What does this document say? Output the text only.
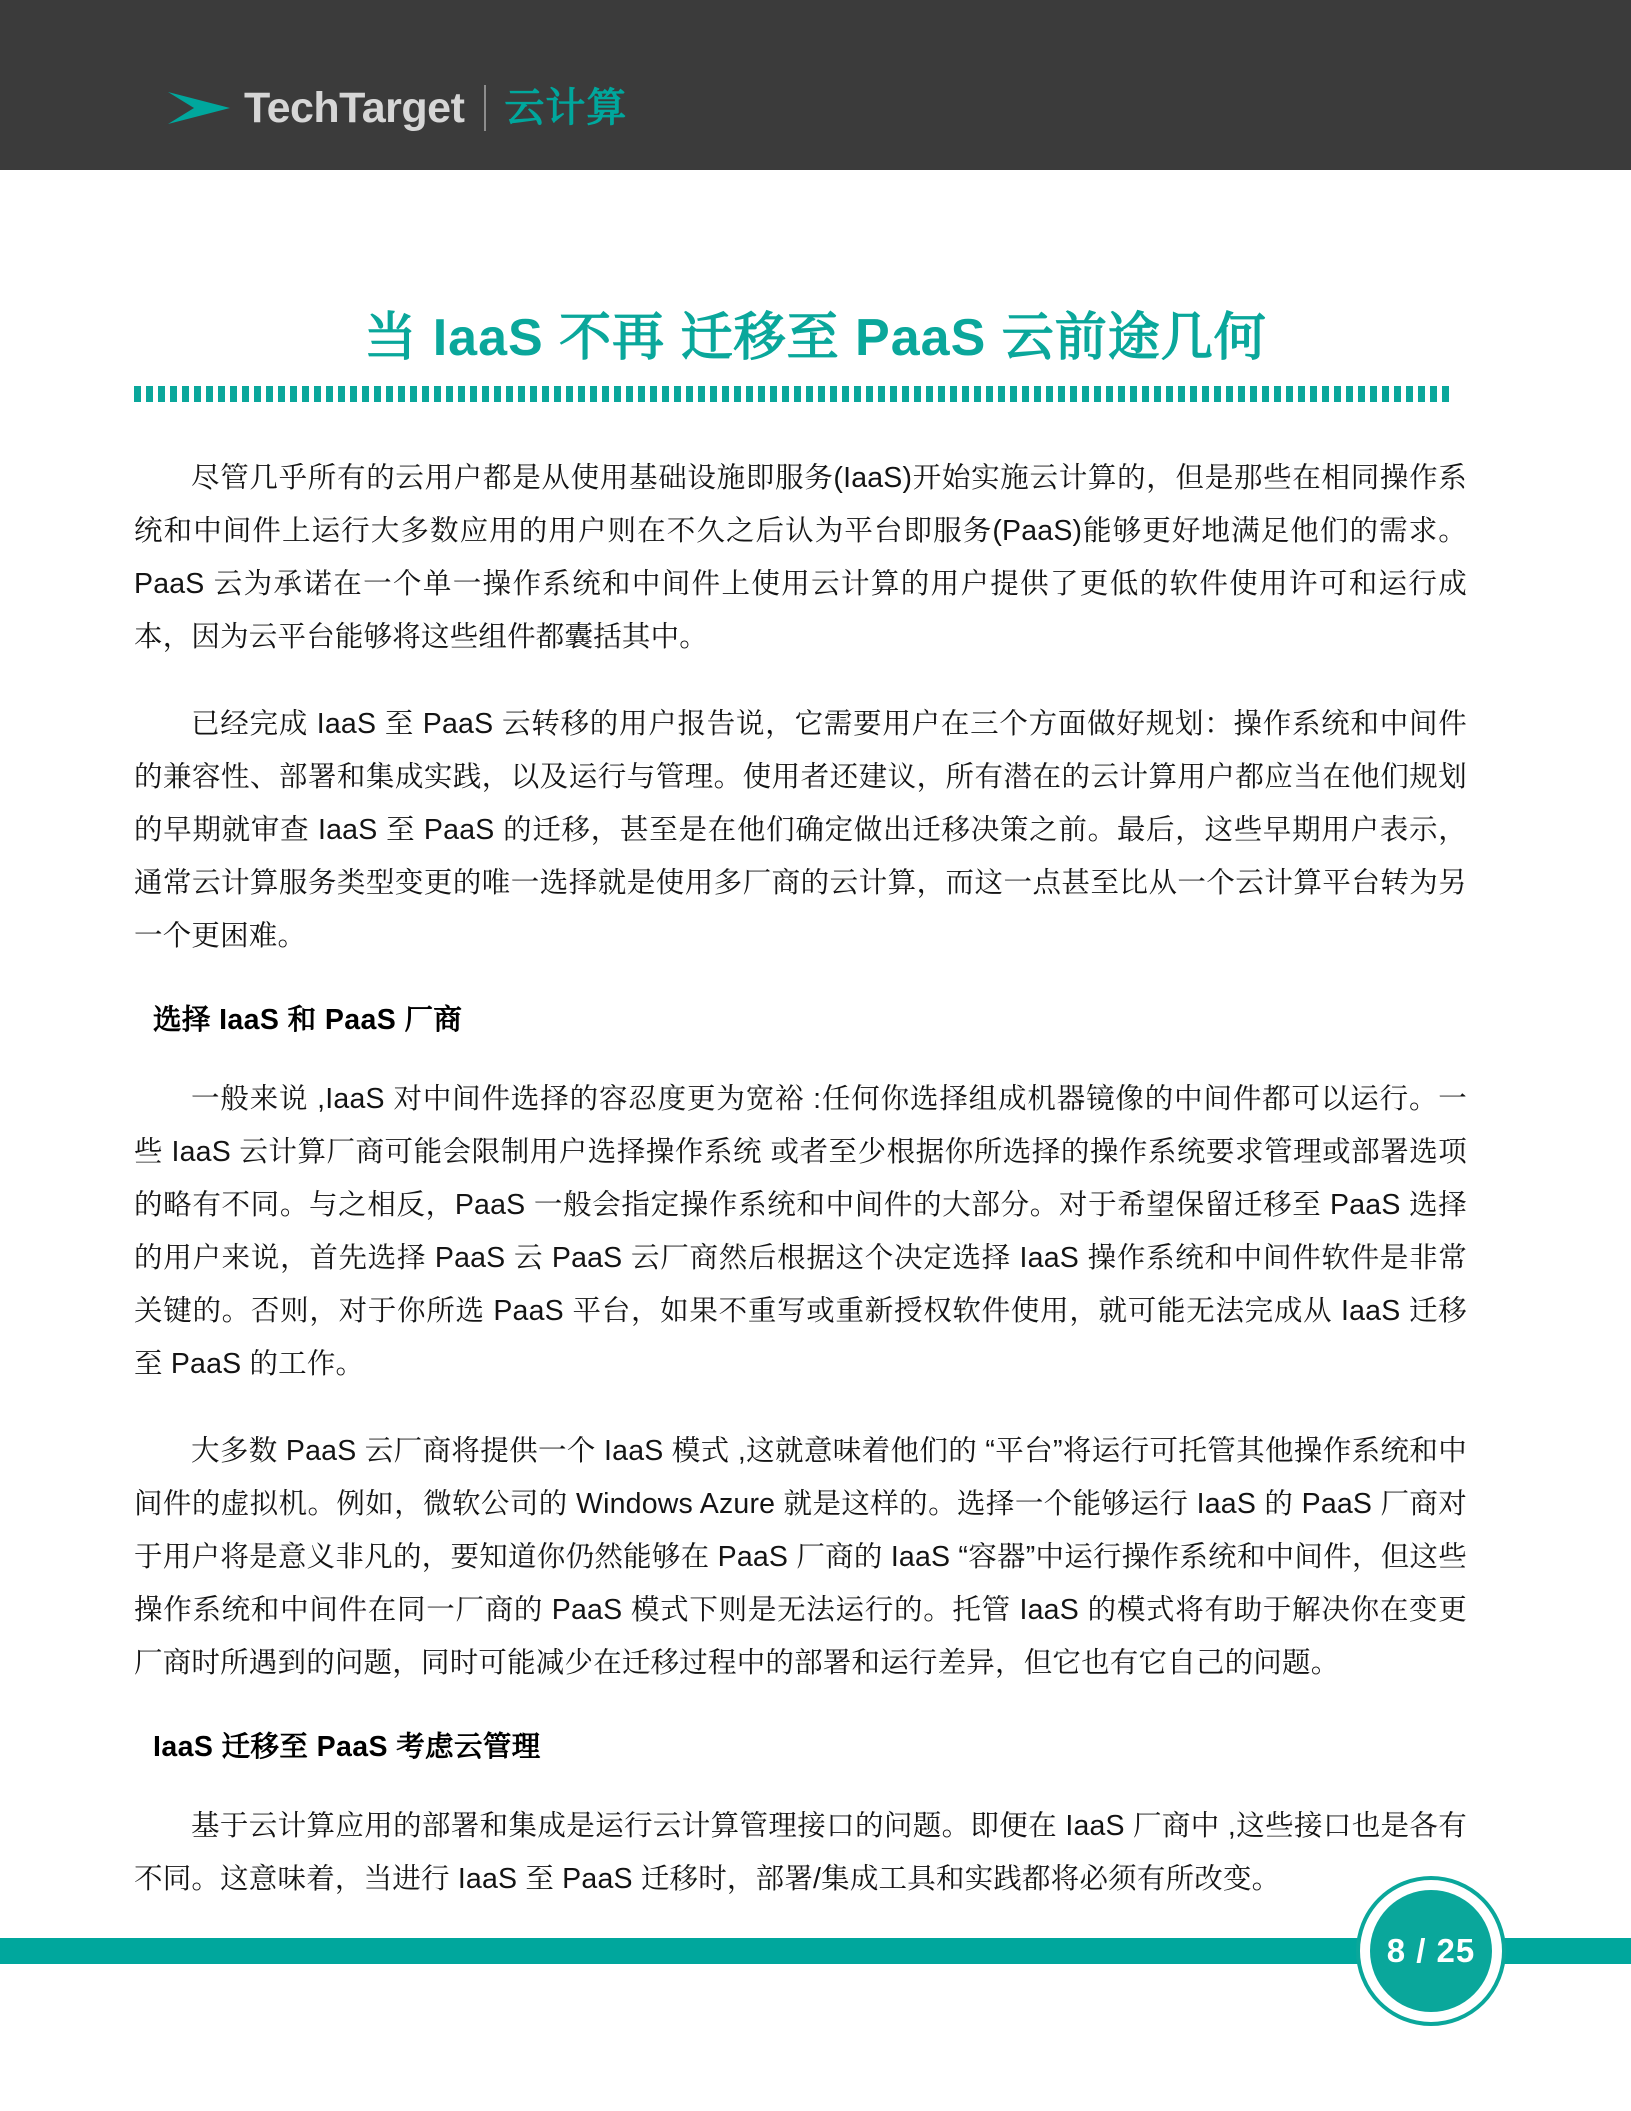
TechTarget 云计算
当 IaaS 不再 迁移至 PaaS 云前途几何

尽管几乎所有的云用户都是从使用基础设施即服务(IaaS)开始实施云计算的，但是那些在相同操作系统和中间件上运行大多数应用的用户则在不久之后认为平台即服务(PaaS)能够更好地满足他们的需求。PaaS 云为承诺在一个单一操作系统和中间件上使用云计算的用户提供了更低的软件使用许可和运行成本，因为云平台能够将这些组件都囊括其中。

已经完成 IaaS 至 PaaS 云转移的用户报告说，它需要用户在三个方面做好规划：操作系统和中间件的兼容性、部署和集成实践，以及运行与管理。使用者还建议，所有潜在的云计算用户都应当在他们规划的早期就审查 IaaS 至 PaaS 的迁移，甚至是在他们确定做出迁移决策之前。最后，这些早期用户表示，通常云计算服务类型变更的唯一选择就是使用多厂商的云计算，而这一点甚至比从一个云计算平台转为另一个更困难。

选择 IaaS 和 PaaS 厂商

一般来说 ,IaaS 对中间件选择的容忍度更为宽裕 :任何你选择组成机器镜像的中间件都可以运行。一些 IaaS 云计算厂商可能会限制用户选择操作系统 或者至少根据你所选择的操作系统要求管理或部署选项的略有不同。与之相反，PaaS 一般会指定操作系统和中间件的大部分。对于希望保留迁移至 PaaS 选择的用户来说，首先选择 PaaS 云 PaaS 云厂商然后根据这个决定选择 IaaS 操作系统和中间件软件是非常关键的。否则，对于你所选 PaaS 平台，如果不重写或重新授权软件使用，就可能无法完成从 IaaS 迁移至 PaaS 的工作。

大多数 PaaS 云厂商将提供一个 IaaS 模式 ,这就意味着他们的 “平台”将运行可托管其他操作系统和中间件的虚拟机。例如，微软公司的 Windows Azure 就是这样的。选择一个能够运行 IaaS 的 PaaS 厂商对于用户将是意义非凡的，要知道你仍然能够在 PaaS 厂商的 IaaS “容器”中运行操作系统和中间件，但这些操作系统和中间件在同一厂商的 PaaS 模式下则是无法运行的。托管 IaaS 的模式将有助于解决你在变更厂商时所遇到的问题，同时可能减少在迁移过程中的部署和运行差异，但它也有它自己的问题。

IaaS 迁移至 PaaS 考虑云管理

基于云计算应用的部署和集成是运行云计算管理接口的问题。即便在 IaaS 厂商中 ,这些接口也是各有不同。这意味着，当进行 IaaS 至 PaaS 迁移时，部署/集成工具和实践都将必须有所改变。

8 / 25
